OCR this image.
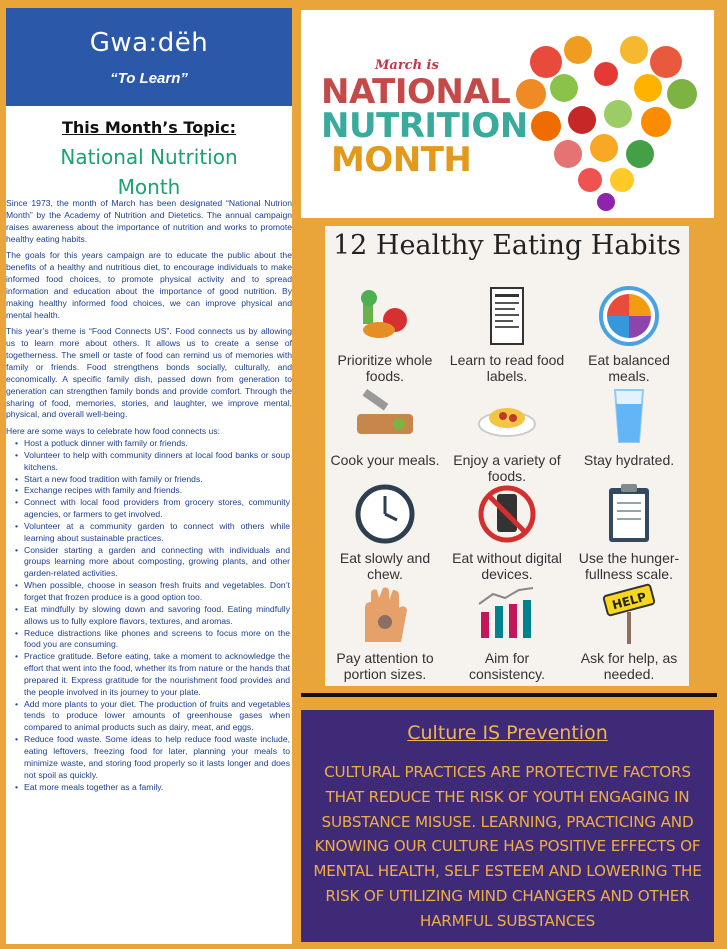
Gwa:dëh
“To Learn”
This Month’s Topic:
National Nutrition Month

Since 1973, the month of March has been designated “National Nutrion Month” by the Academy of Nutrition and Dietetics. The annual campaign raises awareness about the importance of nutrition and works to promote healthy eating habits.

The goals for this years campaign are to educate the public about the benefits of a healthy and nutritious diet, to encourage individuals to make informed food choices, to promote physical activity and to spread information and education about the importance of good nutrition. By making healthy informed food choices, we can improve physical and mental health.

This year’s theme is “Food Connects US”. Food connects us by allowing us to learn more about others. It allows us to create a sense of togetherness. The smell or taste of food can remind us of memories with family or friends. Food strengthens bonds socially, culturally, and economically. A specific family dish, passed down from generation to generation can strengthen family bonds and provide comfort. Through the sharing of food, memories, stories, and laughter, we improve mental, physical, and overall well-being.

Here are some ways to celebrate how food connects us:

• Host a potluck dinner with family or friends.
• Volunteer to help with community dinners at local food banks or soup kitchens.
• Start a new food tradition with family or friends.
• Exchange recipes with family and friends.
• Connect with local food providers from grocery stores, community agencies, or farmers to get involved.
• Volunteer at a community garden to connect with others while learning about sustainable practices.
• Consider starting a garden and connecting with individuals and groups learning more about composting, growing plants, and other garden-related activities.
• When possible, choose in season fresh fruits and vegetables. Don’t forget that frozen produce is a good option too.
• Eat mindfully by slowing down and savoring food. Eating mindfully allows us to fully explore flavors, textures, and aromas.
• Reduce distractions like phones and screens to focus more on the food you are consuming.
• Practice gratitude. Before eating, take a moment to acknowledge the effort that went into the food, whether its from nature or the hands that prepared it. Express gratitude for the nourishment food provides and the people involved in its journey to your plate.
• Add more plants to your diet. The production of fruits and vegetables tends to produce lower amounts of greenhouse gases when compared to animal products such as dairy, meat, and eggs.
• Reduce food waste. Some ideas to help reduce food waste include, eating leftovers, freezing food for later, planning your meals to minimize waste, and storing food properly so it lasts longer and does not spoil as quickly.
• Eat more meals together as a family.
March is
NATIONAL
NUTRITION
MONTH
12 Healthy Eating Habits
Prioritize whole foods.
Learn to read food labels.
Eat balanced meals.
Cook your meals. Enjoy a variety of foods.
Stay hydrated.
Eat slowly and chew.
Eat without digital devices.
Use the hunger-fullness scale.
Pay attention to portion sizes.
Aim for consistency.
HELP
Ask for help, as needed.
Culture IS Prevention
CULTURAL PRACTICES ARE PROTECTIVE FACTORS THAT REDUCE THE RISK OF YOUTH ENGAGING IN SUBSTANCE MISUSE. LEARNING, PRACTICING AND KNOWING OUR CULTURE HAS POSITIVE EFFECTS OF MENTAL HEALTH, SELF ESTEEM AND LOWERING THE RISK OF UTILIZING MIND CHANGERS AND OTHER HARMFUL SUBSTANCES
